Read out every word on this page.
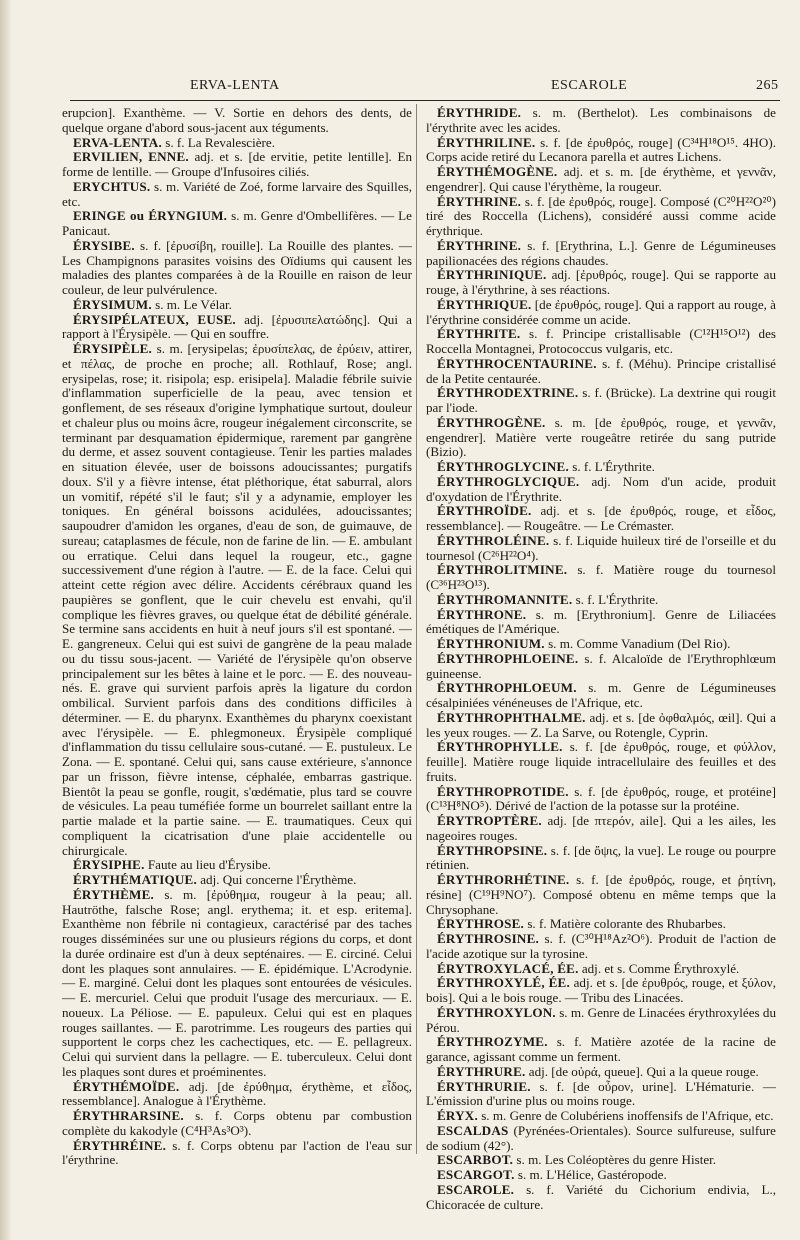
ERVA-LENTA	ESCAROLE	265

erupcion]. Exanthème. — V. Sortie en dehors des dents, de quelque organe d'abord sous-jacent aux téguments.

ERVA-LENTA. s. f. La Revalescière.

ERVILIEN, ENNE. adj. et s. [de ervitie, petite lentille]. En forme de lentille. — Groupe d'Infusoires ciliés.

ERYCHTUS. s. m. Variété de Zoé, forme larvaire des Squilles, etc.

ERINGE ou ÉRYNGIUM. s. m. Genre d'Ombellifères. — Le Panicaut.

ÉRYSIBE. s. f. [ἐρυσίβη, rouille]. La Rouille des plantes. — Les Champignons parasites voisins des Oïdiums qui causent les maladies des plantes comparées à de la Rouille en raison de leur couleur, de leur pulvérulence.

ÉRYSIMUM. s. m. Le Vélar.

ÉRYSIPÉLATEUX, EUSE. adj. [ἐρυσιπελατώδης]. Qui a rapport à l'Érysipèle. — Qui en souffre.

ÉRYSIPÈLE. s. m. [erysipelas; ἐρυσίπελας, de ἐρύειν, attirer, et πέλας, de proche en proche; all. Rothlauf, Rose; angl. erysipelas, rose; it. risipola; esp. erisipela]. Maladie fébrile suivie d'inflammation superficielle de la peau, avec tension et gonflement, de ses réseaux d'origine lymphatique surtout, douleur et chaleur plus ou moins âcre, rougeur inégalement circonscrite, se terminant par desquamation épidermique, rarement par gangrène du derme, et assez souvent contagieuse. Tenir les parties malades en situation élevée, user de boissons adoucissantes; purgatifs doux. S'il y a fièvre intense, état pléthorique, état saburral, alors un vomitif, répété s'il le faut; s'il y a adynamie, employer les toniques. En général boissons acidulées, adoucissantes; saupoudrer d'amidon les organes, d'eau de son, de guimauve, de sureau; cataplasmes de fécule, non de farine de lin. — E. ambulant ou erratique. Celui dans lequel la rougeur, etc., gagne successivement d'une région à l'autre. — E. de la face. Celui qui atteint cette région avec délire. Accidents cérébraux quand les paupières se gonflent, que le cuir chevelu est envahi, qu'il complique les fièvres graves, ou quelque état de débilité générale. Se termine sans accidents en huit à neuf jours s'il est spontané. — E. gangreneux. Celui qui est suivi de gangrène de la peau malade ou du tissu sous-jacent. — Variété de l'érysipèle qu'on observe principalement sur les bêtes à laine et le porc. — E. des nouveau-nés. E. grave qui survient parfois après la ligature du cordon ombilical. Survient parfois dans des conditions difficiles à déterminer. — E. du pharynx. Exanthèmes du pharynx coexistant avec l'érysipèle. — E. phlegmoneux. Érysipèle compliqué d'inflammation du tissu cellulaire sous-cutané. — E. pustuleux. Le Zona. — E. spontané. Celui qui, sans cause extérieure, s'annonce par un frisson, fièvre intense, céphalée, embarras gastrique. Bientôt la peau se gonfle, rougit, s'œdématie, plus tard se couvre de vésicules. La peau tuméfiée forme un bourrelet saillant entre la partie malade et la partie saine. — E. traumatiques. Ceux qui compliquent la cicatrisation d'une plaie accidentelle ou chirurgicale.

ÉRYSIPHE. Faute au lieu d'Érysibe.

ÉRYTHÉMATIQUE. adj. Qui concerne l'Érythème.

ÉRYTHÈME. s. m. [ἐρύθημα, rougeur à la peau; all. Hautröthe, falsche Rose; angl. erythema; it. et esp. eritema]. Exanthème non fébrile ni contagieux, caractérisé par des taches rouges disséminées sur une ou plusieurs régions du corps, et dont la durée ordinaire est d'un à deux septénaires. — E. circiné. Celui dont les plaques sont annulaires. — E. épidémique. L'Acrodynie. — E. marginé. Celui dont les plaques sont entourées de vésicules. — E. mercuriel. Celui que produit l'usage des mercuriaux. — E. noueux. La Péliose. — E. papuleux. Celui qui est en plaques rouges saillantes. — E. parotrimme. Les rougeurs des parties qui supportent le corps chez les cachectiques, etc. — E. pellagreux. Celui qui survient dans la pellagre. — E. tuberculeux. Celui dont les plaques sont dures et proéminentes.

ÉRYTHÉMOÏDE. adj. [de ἐρύθημα, érythème, et εἶδος, ressemblance]. Analogue à l'Érythème.

ÉRYTHRARSINE. s. f. Corps obtenu par combustion complète du kakodyle (C⁴H³As³O³).

ÉRYTHRÉINE. s. f. Corps obtenu par l'action de l'eau sur l'érythrine.

ÉRYTHRIDE. s. m. (Berthelot). Les combinaisons de l'érythrite avec les acides.

ÉRYTHRILINE. s. f. [de ἐρυθρός, rouge] (C³⁴H¹⁸O¹⁵. 4HO). Corps acide retiré du Lecanora parella et autres Lichens.

ÉRYTHÉMOGÈNE. adj. et s. m. [de érythème, et γεννᾶν, engendrer]. Qui cause l'érythème, la rougeur.

ÉRYTHRINE. s. f. [de ἐρυθρός, rouge]. Composé (C²⁰H²²O²⁰) tiré des Roccella (Lichens), considéré aussi comme acide érythrique.

ÉRYTHRINE. s. f. [Erythrina, L.]. Genre de Légumineuses papilionacées des régions chaudes.

ÉRYTHRINIQUE. adj. [ἐρυθρός, rouge]. Qui se rapporte au rouge, à l'érythrine, à ses réactions.

ÉRYTHRIQUE. [de ἐρυθρός, rouge]. Qui a rapport au rouge, à l'érythrine considérée comme un acide.

ÉRYTHRITE. s. f. Principe cristallisable (C¹²H¹⁵O¹²) des Roccella Montagnei, Protococcus vulgaris, etc.

ÉRYTHROCENTAURINE. s. f. (Méhu). Principe cristallisé de la Petite centaurée.

ÉRYTHRODEXTRINE. s. f. (Brücke). La dextrine qui rougit par l'iode.

ÉRYTHROGÈNE. s. m. [de ἐρυθρός, rouge, et γεννᾶν, engendrer]. Matière verte rougeâtre retirée du sang putride (Bizio).

ÉRYTHROGLYCINE. s. f. L'Érythrite.

ÉRYTHROGLYCIQUE. adj. Nom d'un acide, produit d'oxydation de l'Érythrite.

ÉRYTHROÏDE. adj. et s. [de ἐρυθρός, rouge, et εἶδος, ressemblance]. — Rougeâtre. — Le Crémaster.

ÉRYTHROLÉINE. s. f. Liquide huileux tiré de l'orseille et du tournesol (C²⁶H²²O⁴).

ÉRYTHROLITMINE. s. f. Matière rouge du tournesol (C³⁶H²³O¹³).

ÉRYTHROMANNITE. s. f. L'Érythrite.

ÉRYTHRONE. s. m. [Erythronium]. Genre de Liliacées émétiques de l'Amérique.

ÉRYTHRONIUM. s. m. Comme Vanadium (Del Rio).

ÉRYTHROPHLOEINE. s. f. Alcaloïde de l'Erythrophlœum guineense.

ÉRYTHROPHLOEUM. s. m. Genre de Légumineuses césalpiniées vénéneuses de l'Afrique, etc.

ÉRYTHROPHTHALME. adj. et s. [de ὀφθαλμός, œil]. Qui a les yeux rouges. — Z. La Sarve, ou Rotengle, Cyprin.

ÉRYTHROPHYLLE. s. f. [de ἐρυθρός, rouge, et φύλλον, feuille]. Matière rouge liquide intracellulaire des feuilles et des fruits.

ÉRYTHROPROTIDE. s. f. [de ἐρυθρός, rouge, et protéine] (C¹³H⁸NO⁵). Dérivé de l'action de la potasse sur la protéine.

ÉRYTROPTÈRE. adj. [de πτερόν, aile]. Qui a les ailes, les nageoires rouges.

ÉRYTHROPSINE. s. f. [de ὄψις, la vue]. Le rouge ou pourpre rétinien.

ÉRYTHRORHÉTINE. s. f. [de ἐρυθρός, rouge, et ῥητίνη, résine] (C¹⁹H⁹NO⁷). Composé obtenu en même temps que la Chrysophane.

ÉRYTHROSE. s. f. Matière colorante des Rhubarbes.

ÉRYTHROSINE. s. f. (C³⁰H¹⁸Az²O⁶). Produit de l'action de l'acide azotique sur la tyrosine.

ÉRYTROXYLACÉ, ÉE. adj. et s. Comme Érythroxylé.

ÉRYTHROXYLÉ, ÉE. adj. et s. [de ἐρυθρός, rouge, et ξύλον, bois]. Qui a le bois rouge. — Tribu des Linacées.

ÉRYTHROXYLON. s. m. Genre de Linacées érythroxylées du Pérou.

ÉRYTHROZYME. s. f. Matière azotée de la racine de garance, agissant comme un ferment.

ÉRYTHRURE. adj. [de οὐρά, queue]. Qui a la queue rouge.

ÉRYTHRURIE. s. f. [de οὖρον, urine]. L'Hématurie. — L'émission d'urine plus ou moins rouge.

ÉRYX. s. m. Genre de Colubériens inoffensifs de l'Afrique, etc.

ESCALDAS (Pyrénées-Orientales). Source sulfureuse, sulfure de sodium (42°).

ESCARBOT. s. m. Les Coléoptères du genre Hister.

ESCARGOT. s. m. L'Hélice, Gastéropode.

ESCAROLE. s. f. Variété du Cichorium endivia, L., Chicoracée de culture.
